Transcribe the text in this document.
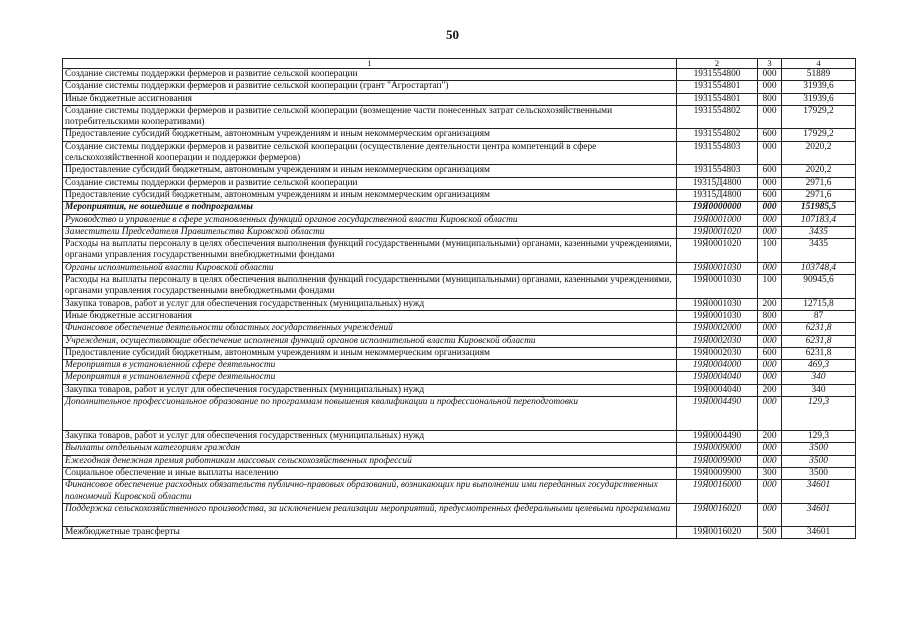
50
1	2	3	4
Создание системы поддержки фермеров и развитие сельской кооперации	1931554800	000	51889
Создание системы поддержки фермеров и развитие сельской кооперации (грант "Агростартап")	1931554801	000	31939,6
Иные бюджетные ассигнования	1931554801	800	31939,6
Создание системы поддержки фермеров и развитие сельской кооперации (возмещение части понесенных затрат сельскохозяйственными потребительскими кооперативами)	1931554802	000	17929,2
Предоставление субсидий бюджетным, автономным учреждениям и иным некоммерческим организациям	1931554802	600	17929,2
Создание системы поддержки фермеров и развитие сельской кооперации (осуществление деятельности центра компетенций в сфере сельскохозяйственной кооперации и поддержки фермеров)	1931554803	000	2020,2
Предоставление субсидий бюджетным, автономным учреждениям и иным некоммерческим организациям	1931554803	600	2020,2
Создание системы поддержки фермеров и развитие сельской кооперации	19315Д4800	000	2971,6
Предоставление субсидий бюджетным, автономным учреждениям и иным некоммерческим организациям	19315Д4800	600	2971,6
Мероприятия, не вошедшие в подпрограммы	19Я0000000	000	151985,5
Руководство и управление в сфере установленных функций органов государственной власти Кировской области	19Я0001000	000	107183,4
Заместители Председателя Правительства Кировской области	19Я0001020	000	3435
Расходы на выплаты персоналу в целях обеспечения выполнения функций государственными (муниципальными) органами, казенными учреждениями, органами управления государственными внебюджетными фондами	19Я0001020	100	3435
Органы исполнительной власти Кировской области	19Я0001030	000	103748,4
Расходы на выплаты персоналу в целях обеспечения выполнения функций государственными (муниципальными) органами, казенными учреждениями, органами управления государственными внебюджетными фондами	19Я0001030	100	90945,6
Закупка товаров, работ и услуг для обеспечения государственных (муниципальных) нужд	19Я0001030	200	12715,8
Иные бюджетные ассигнования	19Я0001030	800	87
Финансовое обеспечение деятельности областных государственных учреждений	19Я0002000	000	6231,8
Учреждения, осуществляющие обеспечение исполнения функций органов исполнительной власти Кировской области	19Я0002030	000	6231,8
Предоставление субсидий бюджетным, автономным учреждениям и иным некоммерческим организациям	19Я0002030	600	6231,8
Мероприятия в установленной сфере деятельности	19Я0004000	000	469,3
Мероприятия в установленной сфере деятельности	19Я0004040	000	340
Закупка товаров, работ и услуг для обеспечения государственных (муниципальных) нужд	19Я0004040	200	340
Дополнительное профессиональное образование по программам повышения квалификации и профессиональной переподготовки	19Я0004490	000	129,3
Закупка товаров, работ и услуг для обеспечения государственных (муниципальных) нужд	19Я0004490	200	129,3
Выплаты отдельным категориям граждан	19Я0009000	000	3500
Ежегодная денежная премия работникам массовых сельскохозяйственных профессий	19Я0009900	000	3500
Социальное обеспечение и иные выплаты населению	19Я0009900	300	3500
Финансовое обеспечение расходных обязательств публично-правовых образований, возникающих при выполнении ими переданных государственных полномочий Кировской области	19Я0016000	000	34601
Поддержка сельскохозяйственного производства, за исключением реализации мероприятий, предусмотренных федеральными целевыми программами	19Я0016020	000	34601
Межбюджетные трансферты	19Я0016020	500	34601
